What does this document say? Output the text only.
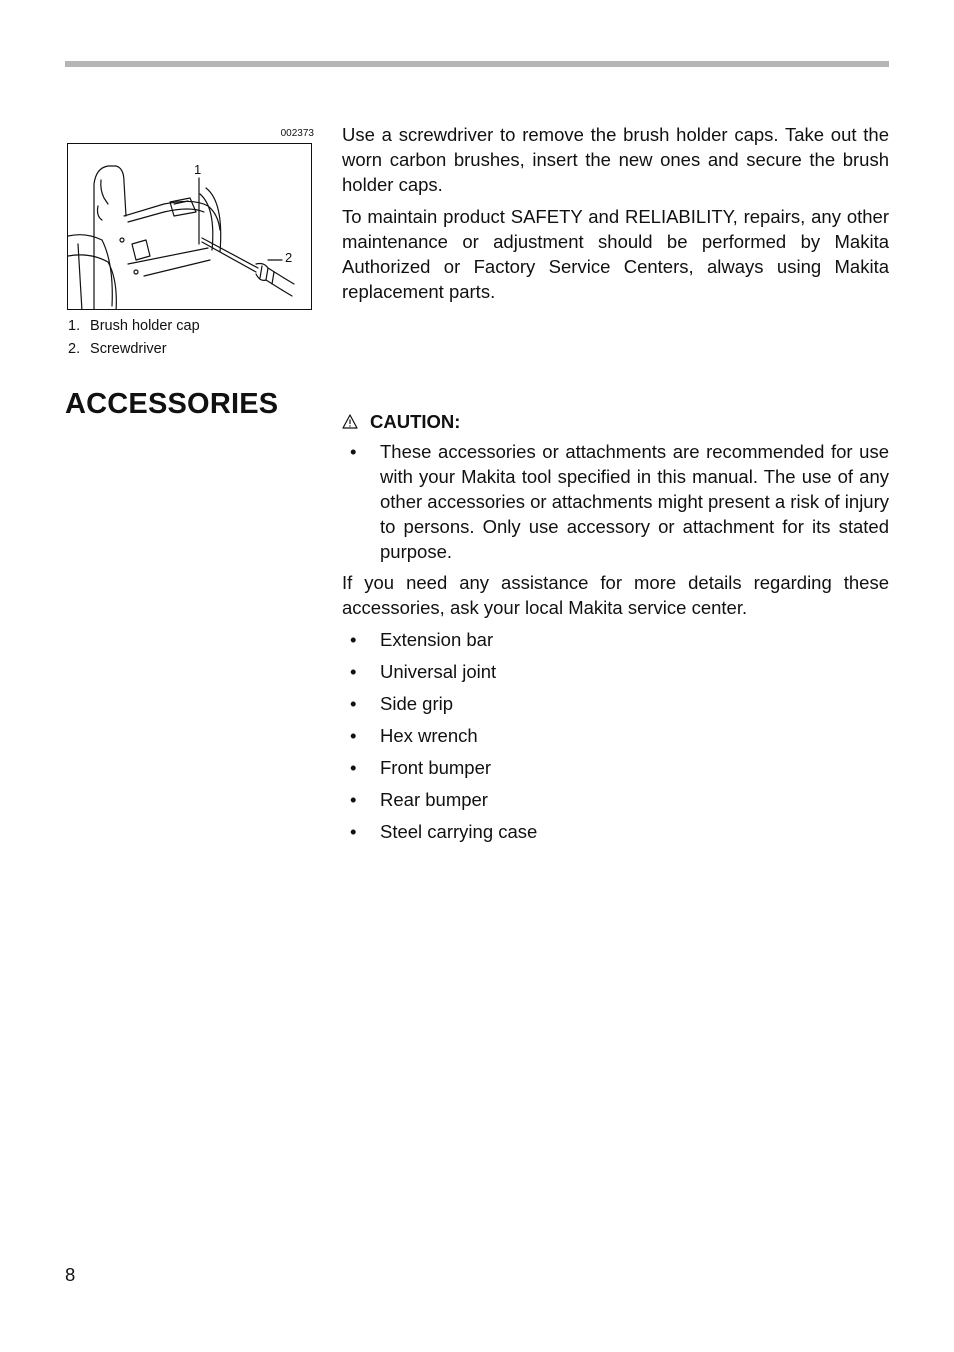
002373
1
2
1. Brush holder cap
2. Screwdriver

Use a screwdriver to remove the brush holder caps. Take out the worn carbon brushes, insert the new ones and secure the brush holder caps.

To maintain product SAFETY and RELIABILITY, repairs, any other maintenance or adjustment should be performed by Makita Authorized or Factory Service Centers, always using Makita replacement parts.

ACCESSORIES
CAUTION:
•	These accessories or attachments are recommended for use with your Makita tool specified in this manual. The use of any other accessories or attachments might present a risk of injury to persons. Only use accessory or attachment for its stated purpose.

If you need any assistance for more details regarding these accessories, ask your local Makita service center.

•	Extension bar
•	Universal joint
•	Side grip
•	Hex wrench
•	Front bumper
•	Rear bumper
•	Steel carrying case
8
